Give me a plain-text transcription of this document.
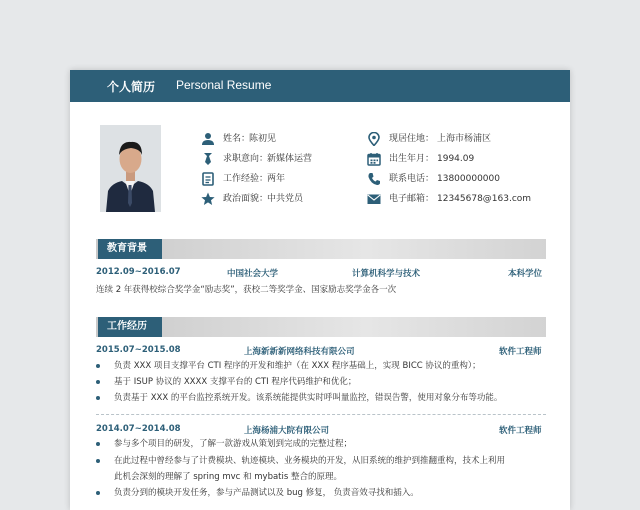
个人简历 Personal Resume
姓名：
陈初见
求职意向：
新媒体运营
工作经验：
两年
政治面貌：
中共党员
现居住地： 上海市杨浦区
出生年月： 1994.09
联系电话： 13800000000
电子邮箱： 12345678@163.com
教育背景
2012.09~2016.07	中国社会大学	计算机科学与技术	本科学位
连续 2 年获得校综合奖学金“励志奖”，获校二等奖学金、国家励志奖学金各一次
工作经历
2015.07~2015.08	上海新新新网络科技有限公司	软件工程师
负责 XXX 项目支撑平台 CTI 程序的开发和维护（在 XXX 程序基础上，实现 BICC 协议的重构）；
基于 ISUP 协议的 XXXX 支撑平台的 CTI 程序代码维护和优化；
负责基于 XXX 的平台监控系统开发。该系统能提供实时呼叫量监控，错误告警，使用对象分布等功能。
2014.07~2014.08	上海杨浦大院有限公司	软件工程师
参与多个项目的研发，了解一款游戏从策划到完成的完整过程；
在此过程中曾经参与了计费模块、轨迹模块、业务模块的开发，从旧系统的维护到推翻重构，技术上利用
此机会深刻的理解了 spring mvc 和 mybatis 整合的原理。
负责分到的模块开发任务，参与产品测试以及 bug 修复， 负责音效寻找和插入。
